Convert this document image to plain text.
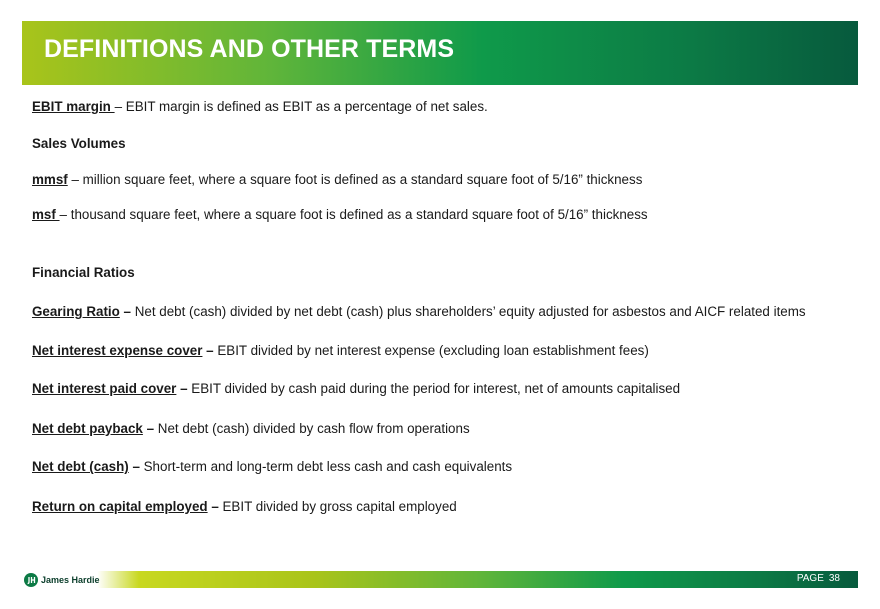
DEFINITIONS AND OTHER TERMS
EBIT margin – EBIT margin is defined as EBIT as a percentage of net sales.
Sales Volumes
mmsf – million square feet, where a square foot is defined as a standard square foot of 5/16” thickness
msf – thousand square feet, where a square foot is defined as a standard square foot of 5/16” thickness
Financial Ratios
Gearing Ratio – Net debt (cash) divided by net debt (cash) plus shareholders’ equity adjusted for asbestos and AICF related items
Net interest expense cover – EBIT divided by net interest expense (excluding loan establishment fees)
Net interest paid cover – EBIT divided by cash paid during the period for interest, net of amounts capitalised
Net debt payback – Net debt (cash) divided by cash flow from operations
Net debt (cash) – Short-term and long-term debt less cash and cash equivalents
Return on capital employed – EBIT divided by gross capital employed
James Hardie	PAGE 38
